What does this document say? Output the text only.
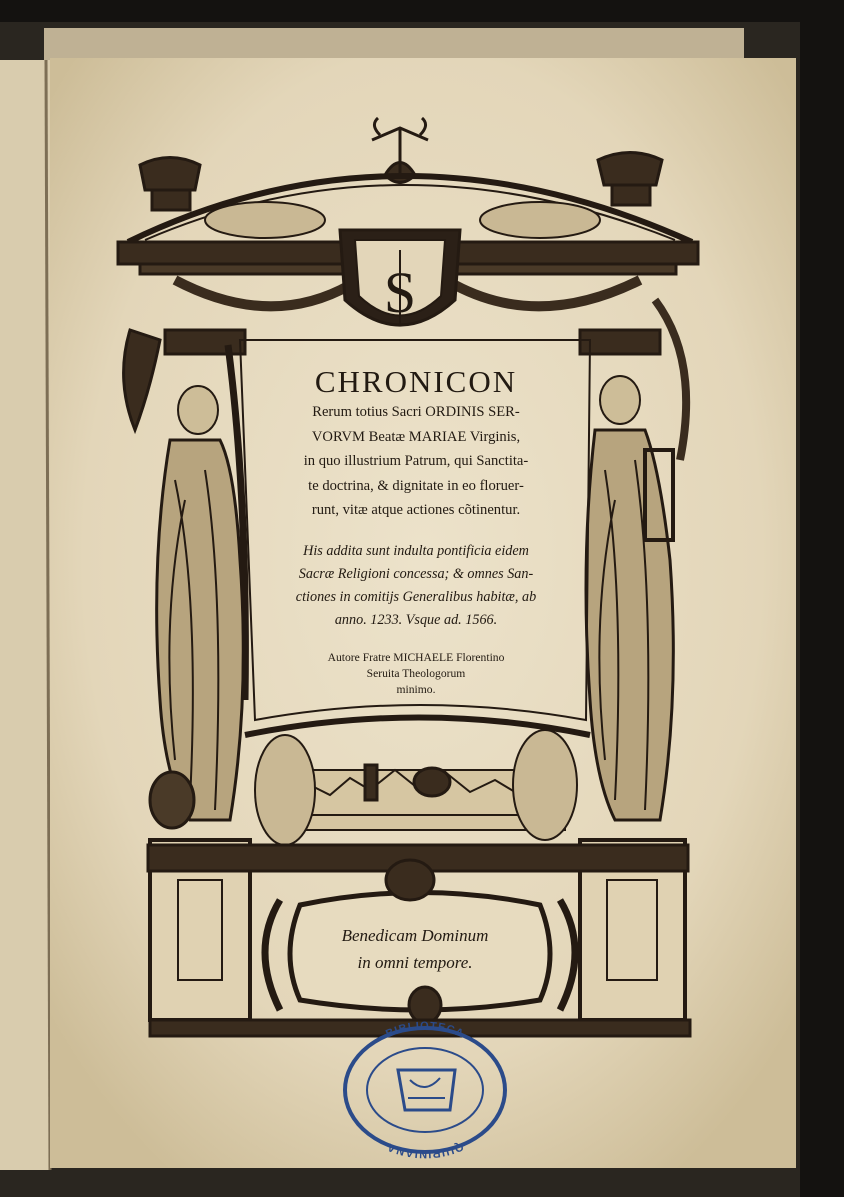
S
BIBLIOTECA
QUIRINIANA
CHRONICON
Rerum totius Sacri ORDINIS SER-
VORVM Beatæ MARIAE Virginis,
in quo illustrium Patrum, qui Sanctita-
te doctrina, & dignitate in eo floruer-
runt, vitæ atque actiones cõtinentur.
His addita sunt indulta pontificia eidem
Sacræ Religioni concessa; & omnes San-
ctiones in comitijs Generalibus habitæ, ab
anno. 1233. Vsque ad. 1566.
Autore Fratre MICHAELE Florentino
Seruita Theologorum
minimo.
Benedicam Dominum
in omni tempore.
